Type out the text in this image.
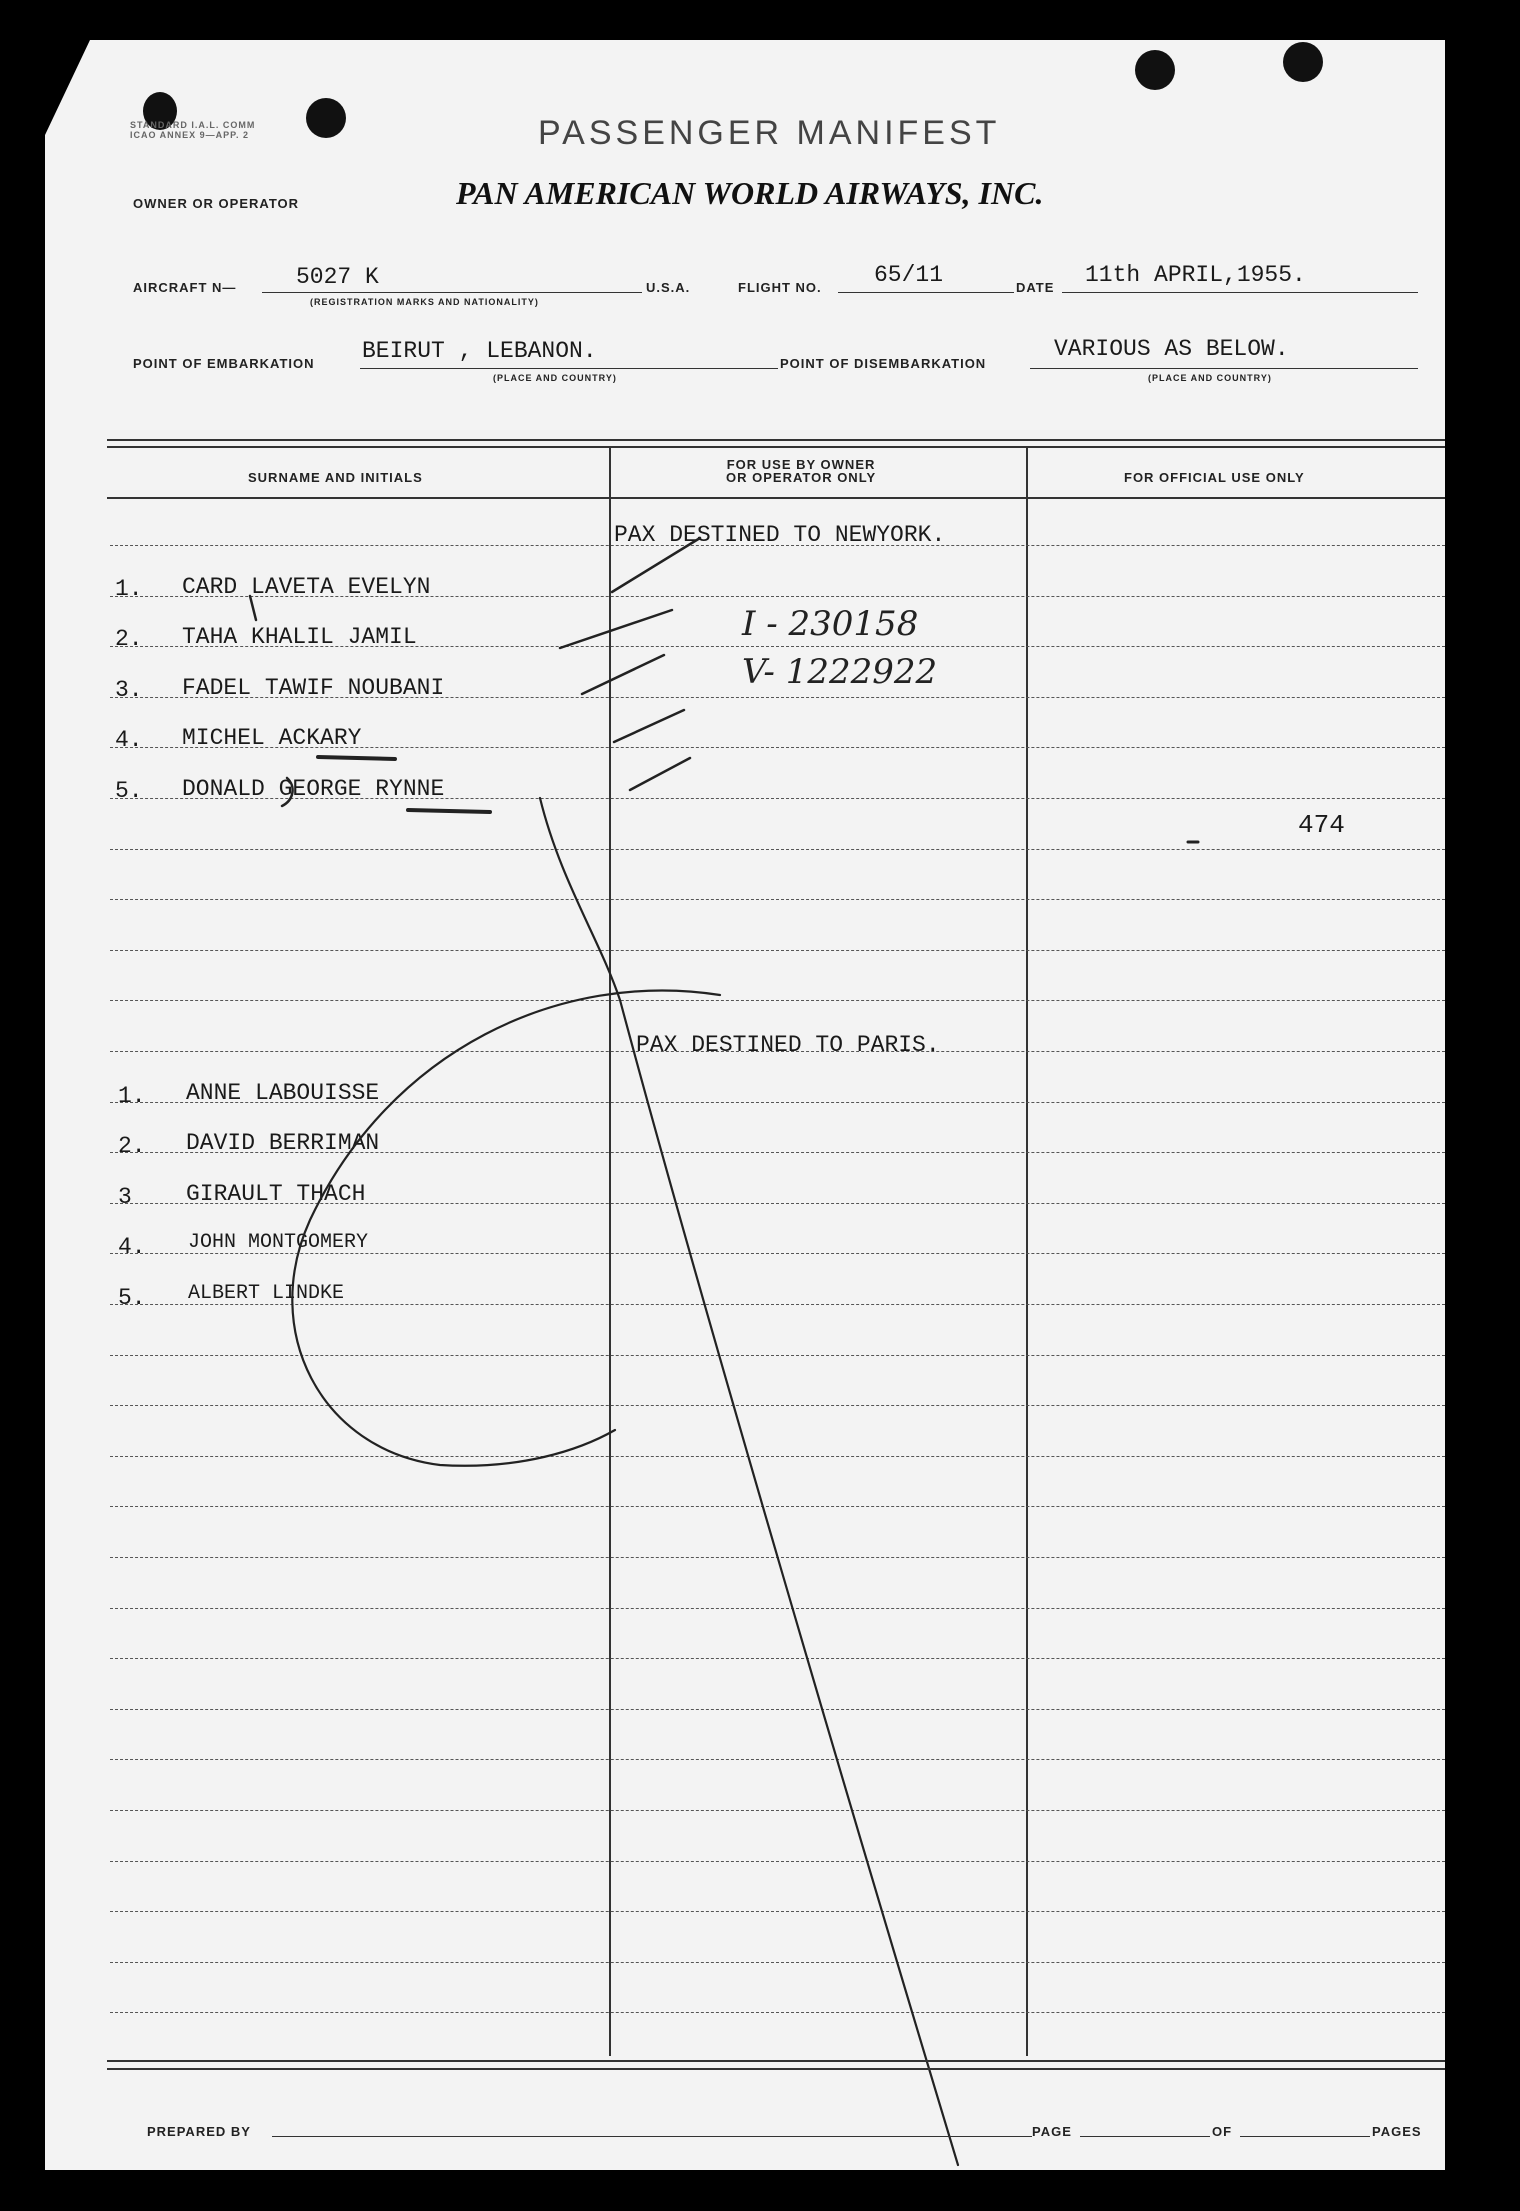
STANDARD I.A.L. COMM
ICAO ANNEX 9—APP. 2	PASSENGER MANIFEST
OWNER OR OPERATOR	PAN AMERICAN WORLD AIRWAYS, INC.
AIRCRAFT N—	5027 K
(REGISTRATION MARKS AND NATIONALITY)
U.S.A.	FLIGHT NO. 65/11	DATE 11th APRIL,1955.
POINT OF EMBARKATION BEIRUT , LEBANON.
(PLACE AND COUNTRY)
POINT OF DISEMBARKATION
VARIOUS AS BELOW.
(PLACE AND COUNTRY)
SURNAME AND INITIALS
FOR USE BY OWNER
OR OPERATOR ONLY	FOR OFFICIAL USE ONLY
PAX DESTINED TO NEWYORK.
1. CARD LAVETA EVELYN
2. TAHA KHALIL JAMIL
3. FADEL TAWIF NOUBANI
4. MICHEL ACKARY
5. DONALD GEORGE RYNNE
I - 230158
V- 1222922
474
PAX DESTINED TO PARIS.
1. ANNE LABOUISSE
2. DAVID BERRIMAN
3 GIRAULT THACH
4. JOHN MONTGOMERY
5. ALBERT LINDKE
PREPARED BY	PAGE	OF	PAGES
